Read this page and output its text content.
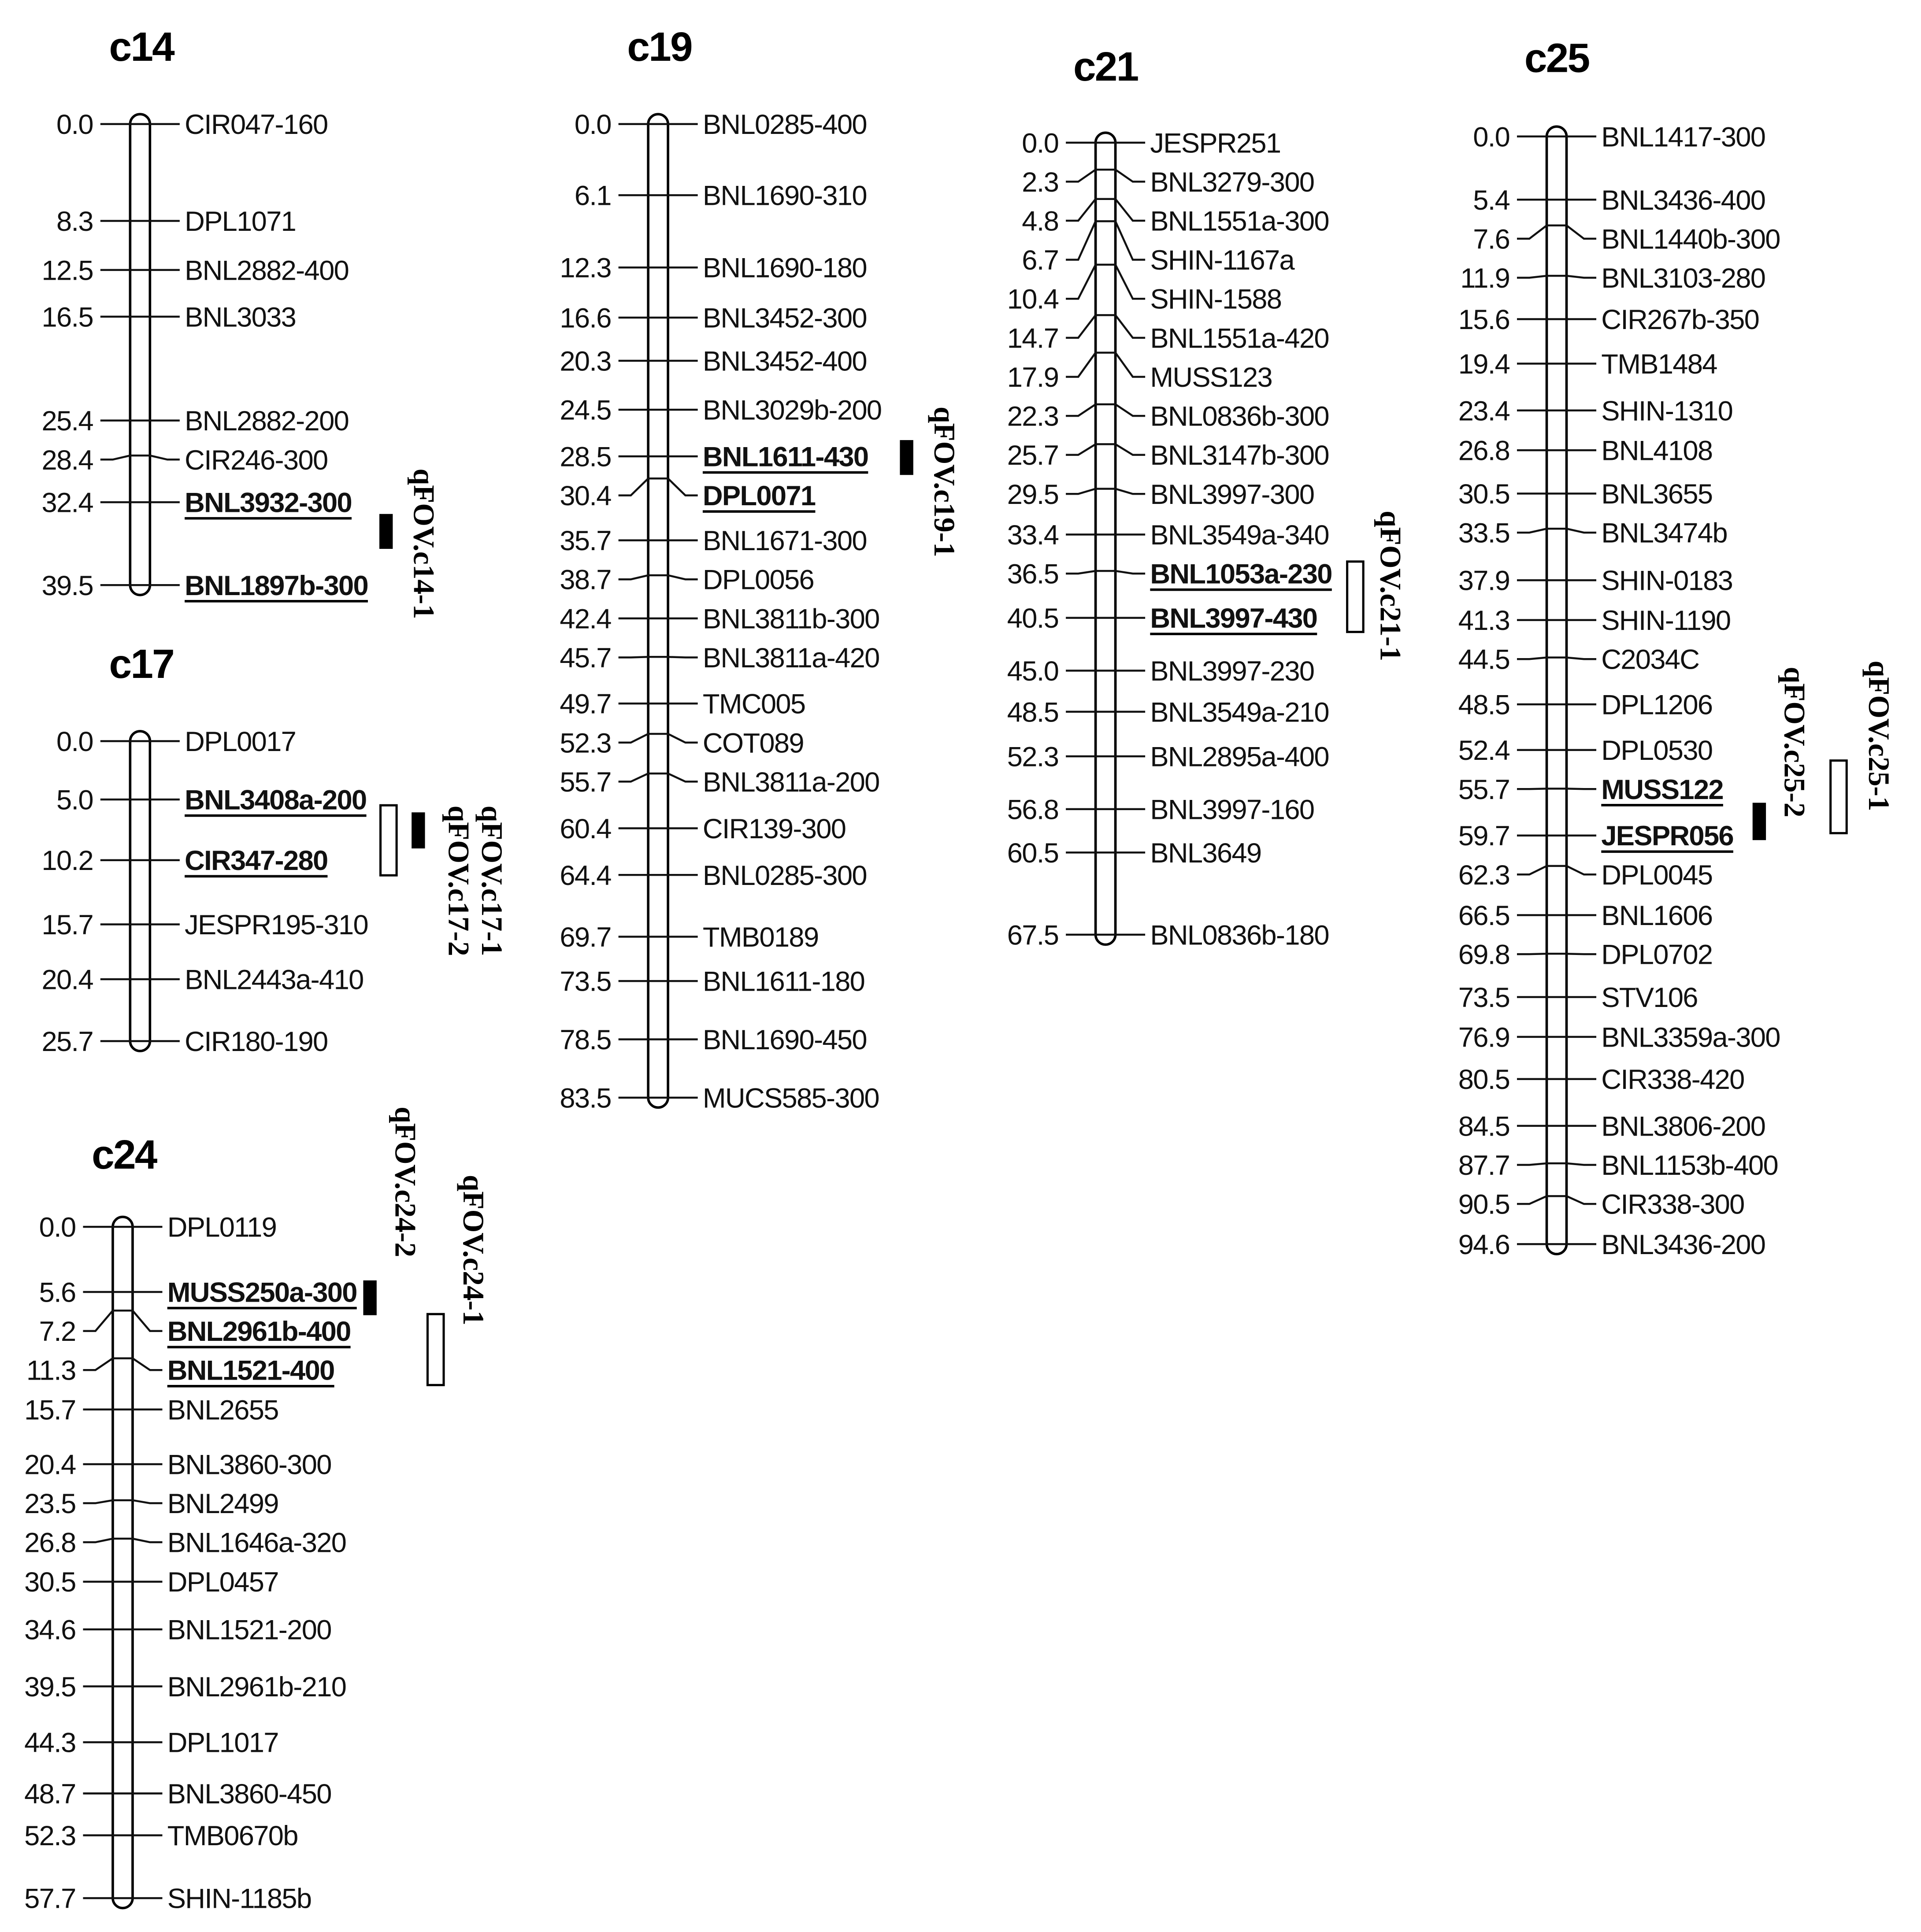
c14
0.0	CIR047-160
8.3	DPL1071
12.5	BNL2882-400
16.5	BNL3033
25.4	BNL2882-200
28.4	CIR246-300
32.4	BNL3932-300
39.5	BNL1897b-300
c17
0.0	DPL0017
5.0	BNL3408a-200
10.2	CIR347-280
15.7	JESPR195-310
20.4	BNL2443a-410
25.7	CIR180-190
c24
0.0	DPL0119
5.6	MUSS250a-300
7.2	BNL2961b-400
11.3	BNL1521-400
15.7	BNL2655
20.4	BNL3860-300
23.5	BNL2499
26.8	BNL1646a-320
30.5	DPL0457
34.6	BNL1521-200
39.5	BNL2961b-210
44.3	DPL1017
48.7	BNL3860-450
52.3	TMB0670b
57.7	SHIN-1185b
c19
0.0	BNL0285-400
6.1	BNL1690-310
12.3	BNL1690-180
16.6	BNL3452-300
20.3	BNL3452-400
24.5	BNL3029b-200
28.5	BNL1611-430
30.4	DPL0071
35.7	BNL1671-300
38.7	DPL0056
42.4	BNL3811b-300
45.7	BNL3811a-420
49.7	TMC005
52.3	COT089
55.7	BNL3811a-200
60.4	CIR139-300
64.4	BNL0285-300
69.7	TMB0189
73.5	BNL1611-180
78.5	BNL1690-450
83.5	MUCS585-300
c21
0.0	JESPR251
2.3	BNL3279-300
4.8	BNL1551a-300
6.7	SHIN-1167a
10.4	SHIN-1588
14.7	BNL1551a-420
17.9	MUSS123
22.3	BNL0836b-300
25.7	BNL3147b-300
29.5	BNL3997-300
33.4	BNL3549a-340
36.5	BNL1053a-230
40.5	BNL3997-430
45.0	BNL3997-230
48.5	BNL3549a-210
52.3	BNL2895a-400
56.8	BNL3997-160
60.5	BNL3649
67.5	BNL0836b-180
c25
0.0	BNL1417-300
5.4	BNL3436-400
7.6	BNL1440b-300
11.9	BNL3103-280
15.6	CIR267b-350
19.4	TMB1484
23.4	SHIN-1310
26.8	BNL4108
30.5	BNL3655
33.5	BNL3474b
37.9	SHIN-0183
41.3	SHIN-1190
44.5	C2034C
48.5	DPL1206
52.4	DPL0530
55.7	MUSS122
59.7	JESPR056
62.3	DPL0045
66.5	BNL1606
69.8	DPL0702
73.5	STV106
76.9	BNL3359a-300
80.5	CIR338-420
84.5	BNL3806-200
87.7	BNL1153b-400
90.5	CIR338-300
94.6	BNL3436-200
qFOV.c14-1
qFOV.c17-1
qFOV.c17-2
qFOV.c19-1
qFOV.c21-1
qFOV.c24-2	qFOV.c24-1
qFOV.c25-2	qFOV.c25-1
